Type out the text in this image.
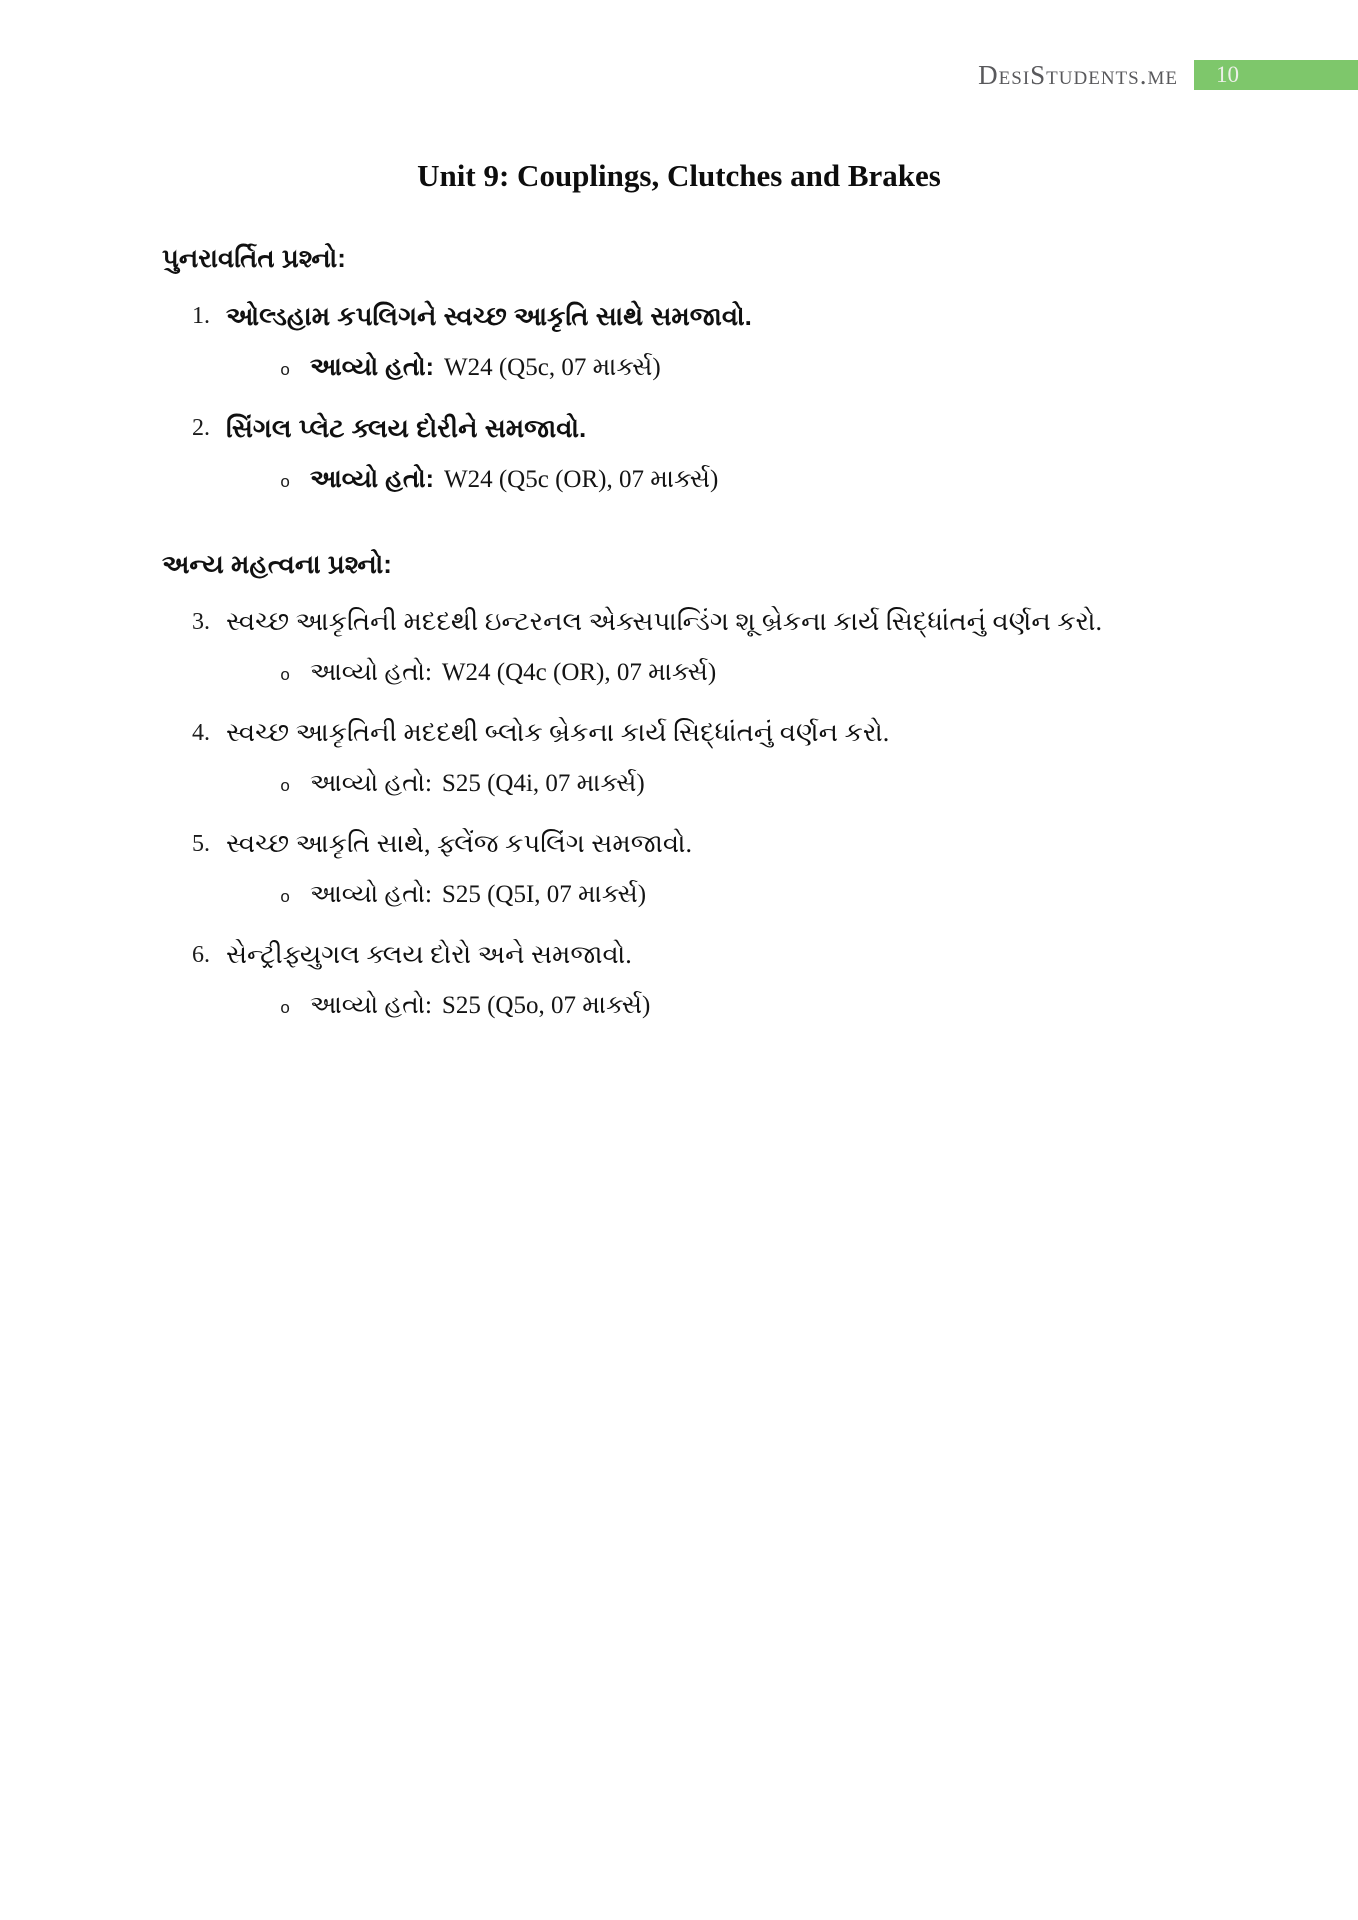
DesiStudents.me 10
Unit 9: Couplings, Clutches and Brakes
પુનરાવર્તિત પ્રશ્નો:
1. ઓલ્ડહામ કપલિગને સ્વચ્છ આકૃતિ સાથે સમજાવો.
o આવ્યો હતો: W24 (Q5c, 07 માર્ક્સ)
2. સિંગલ પ્લેટ ક્લય દોરીને સમજાવો.
o આવ્યો હતો: W24 (Q5c (OR), 07 માર્ક્સ)
અન્ય મહત્વના પ્રશ્નો:
3. સ્વચ્છ આકૃતિની મદદથી ઇન્ટરનલ એક્સપાન્ડિંગ શૂ બ્રેકના કાર્ય સિદ્ધાંતનું વર્ણન કરો.
o આવ્યો હતો: W24 (Q4c (OR), 07 માર્ક્સ)
4. સ્વચ્છ આકૃતિની મદદથી બ્લોક બ્રેકના કાર્ય સિદ્ધાંતનું વર્ણન કરો.
o આવ્યો હતો: S25 (Q4i, 07 માર્ક્સ)
5. સ્વચ્છ આકૃતિ સાથે, ફ્લેંજ કપલિંગ સમજાવો.
o આવ્યો હતો: S25 (Q5I, 07 માર્ક્સ)
6. સેન્ટ્રીફ્યુગલ ક્લય દોરો અને સમજાવો.
o આવ્યો હતો: S25 (Q5o, 07 માર્ક્સ)
